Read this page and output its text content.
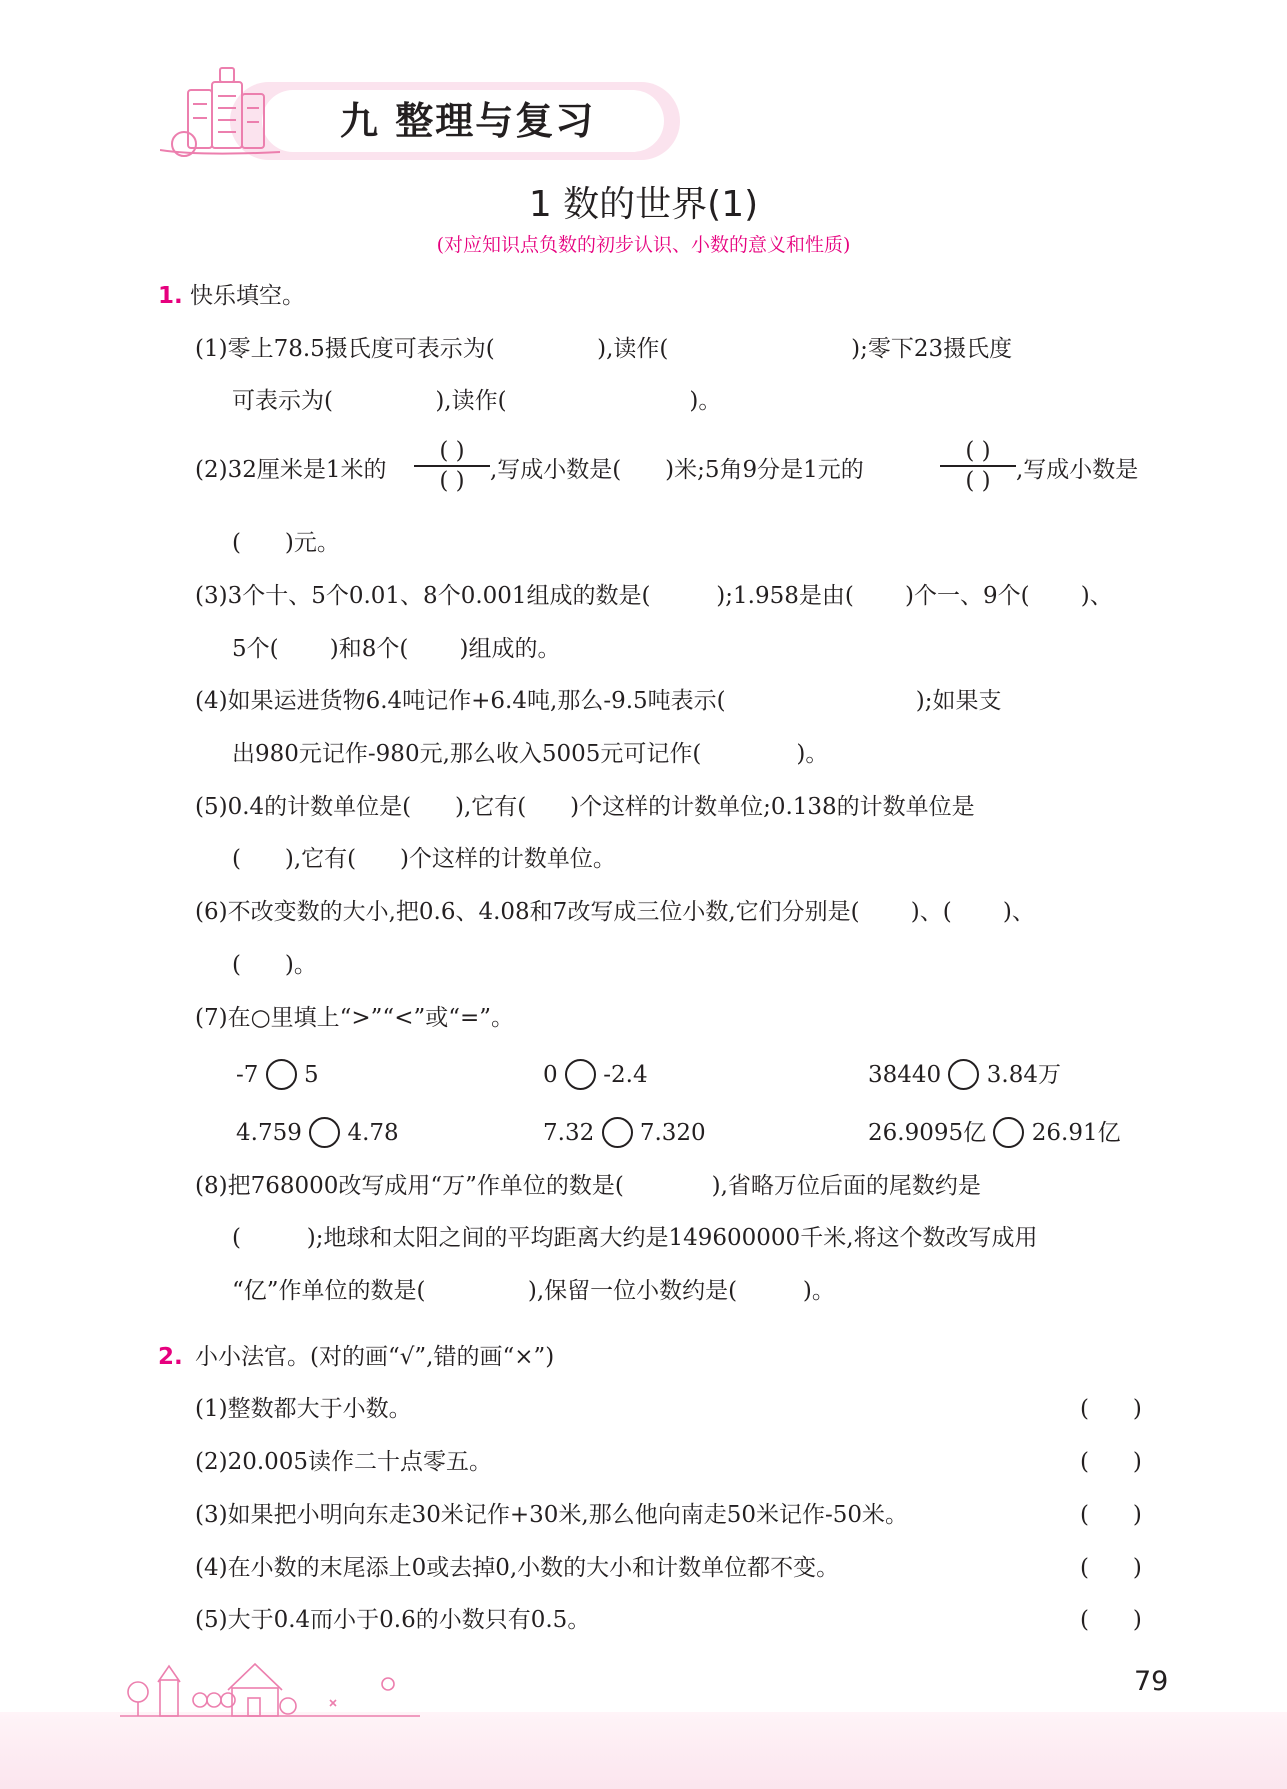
九 整理与复习
1 数的世界(1)
(对应知识点负数的初步认识、小数的意义和性质)
1. 快乐填空。
(1)零上78.5摄氏度可表示为(              ),读作(                         );零下23摄氏度
可表示为(              ),读作(                         )。
(2)32厘米是1米的
( )
( )	,写成小数是(      )米;5角9分是1元的
( )
( )	,写成小数是
(      )元。
(3)3个十、5个0.01、8个0.001组成的数是(         );1.958是由(       )个一、9个(       )、
5个(       )和8个(       )组成的。
(4)如果运进货物6.4吨记作+6.4吨,那么-9.5吨表示(                          );如果支
出980元记作-980元,那么收入5005元可记作(             )。
(5)0.4的计数单位是(      ),它有(      )个这样的计数单位;0.138的计数单位是
(      ),它有(      )个这样的计数单位。
(6)不改变数的大小,把0.6、4.08和7改写成三位小数,它们分别是(       )、(       )、
(      )。
(7)在○里填上“>”“<”或“=”。
-7 5	0 -2.4	38440 3.84万
4.759 4.78	7.32 7.320	26.9095亿 26.91亿
(8)把768000改写成用“万”作单位的数是(            ),省略万位后面的尾数约是
(         );地球和太阳之间的平均距离大约是149600000千米,将这个数改写成用
“亿”作单位的数是(              ),保留一位小数约是(         )。
2. 小小法官。(对的画“√”,错的画“×”)
(1)整数都大于小数。	(      )
(2)20.005读作二十点零五。	(      )
(3)如果把小明向东走30米记作+30米,那么他向南走50米记作-50米。	(      )
(4)在小数的末尾添上0或去掉0,小数的大小和计数单位都不变。	(      )
(5)大于0.4而小于0.6的小数只有0.5。	(      )
79
